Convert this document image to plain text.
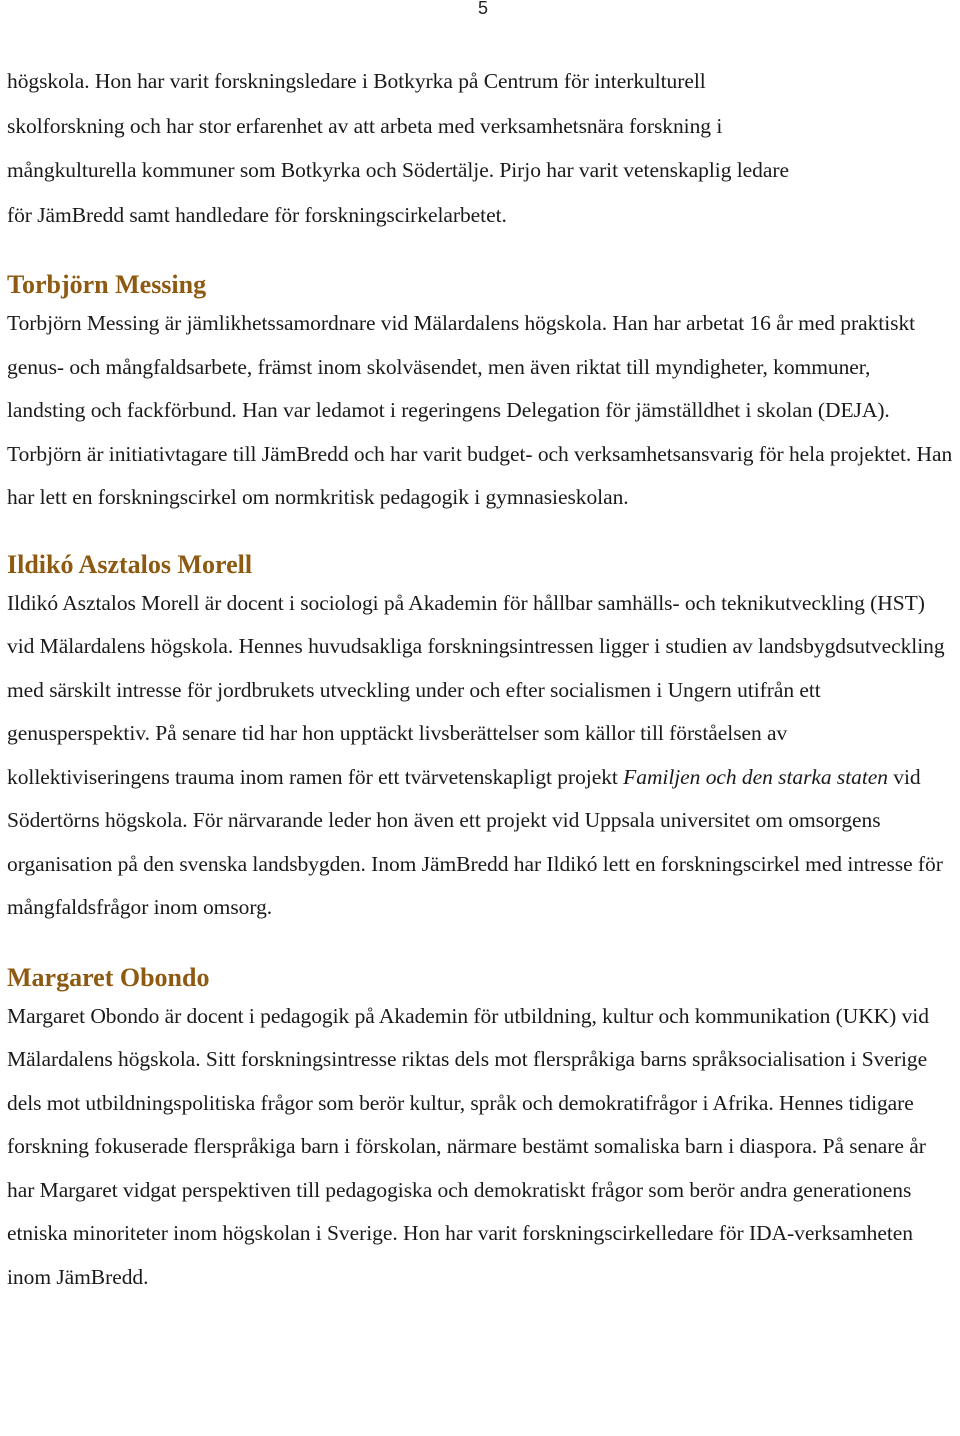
5

högskola. Hon har varit forskningsledare i Botkyrka på Centrum för interkulturell
skolforskning och har stor erfarenhet av att arbeta med verksamhetsnära forskning i
mångkulturella kommuner som Botkyrka och Södertälje. Pirjo har varit vetenskaplig ledare
för JämBredd samt handledare för forskningscirkelarbetet.

Torbjörn Messing

Torbjörn Messing är jämlikhetssamordnare vid Mälardalens högskola. Han har arbetat 16 år med praktiskt genus- och mångfaldsarbete, främst inom skolväsendet, men även riktat till myndigheter, kommuner, landsting och fackförbund. Han var ledamot i regeringens Delegation för jämställdhet i skolan (DEJA). Torbjörn är initiativtagare till JämBredd och har varit budget- och verksamhetsansvarig för hela projektet. Han har lett en forskningscirkel om normkritisk pedagogik i gymnasieskolan.

Ildikó Asztalos Morell

Ildikó Asztalos Morell är docent i sociologi på Akademin för hållbar samhälls- och teknikutveckling (HST) vid Mälardalens högskola. Hennes huvudsakliga forskningsintressen ligger i studien av landsbygdsutveckling med särskilt intresse för jordbrukets utveckling under och efter socialismen i Ungern utifrån ett genusperspektiv. På senare tid har hon upptäckt livsberättelser som källor till förståelsen av kollektiviseringens trauma inom ramen för ett tvärvetenskapligt projekt Familjen och den starka staten vid Södertörns högskola. För närvarande leder hon även ett projekt vid Uppsala universitet om omsorgens organisation på den svenska landsbygden. Inom JämBredd har Ildikó lett en forskningscirkel med intresse för mångfaldsfrågor inom omsorg.

Margaret Obondo

Margaret Obondo är docent i pedagogik på Akademin för utbildning, kultur och kommunikation (UKK) vid Mälardalens högskola. Sitt forskningsintresse riktas dels mot flerspråkiga barns språksocialisation i Sverige dels mot utbildningspolitiska frågor som berör kultur, språk och demokratifrågor i Afrika. Hennes tidigare forskning fokuserade flerspråkiga barn i förskolan, närmare bestämt somaliska barn i diaspora. På senare år har Margaret vidgat perspektiven till pedagogiska och demokratiskt frågor som berör andra generationens etniska minoriteter inom högskolan i Sverige. Hon har varit forskningscirkelledare för IDA-verksamheten inom JämBredd.
